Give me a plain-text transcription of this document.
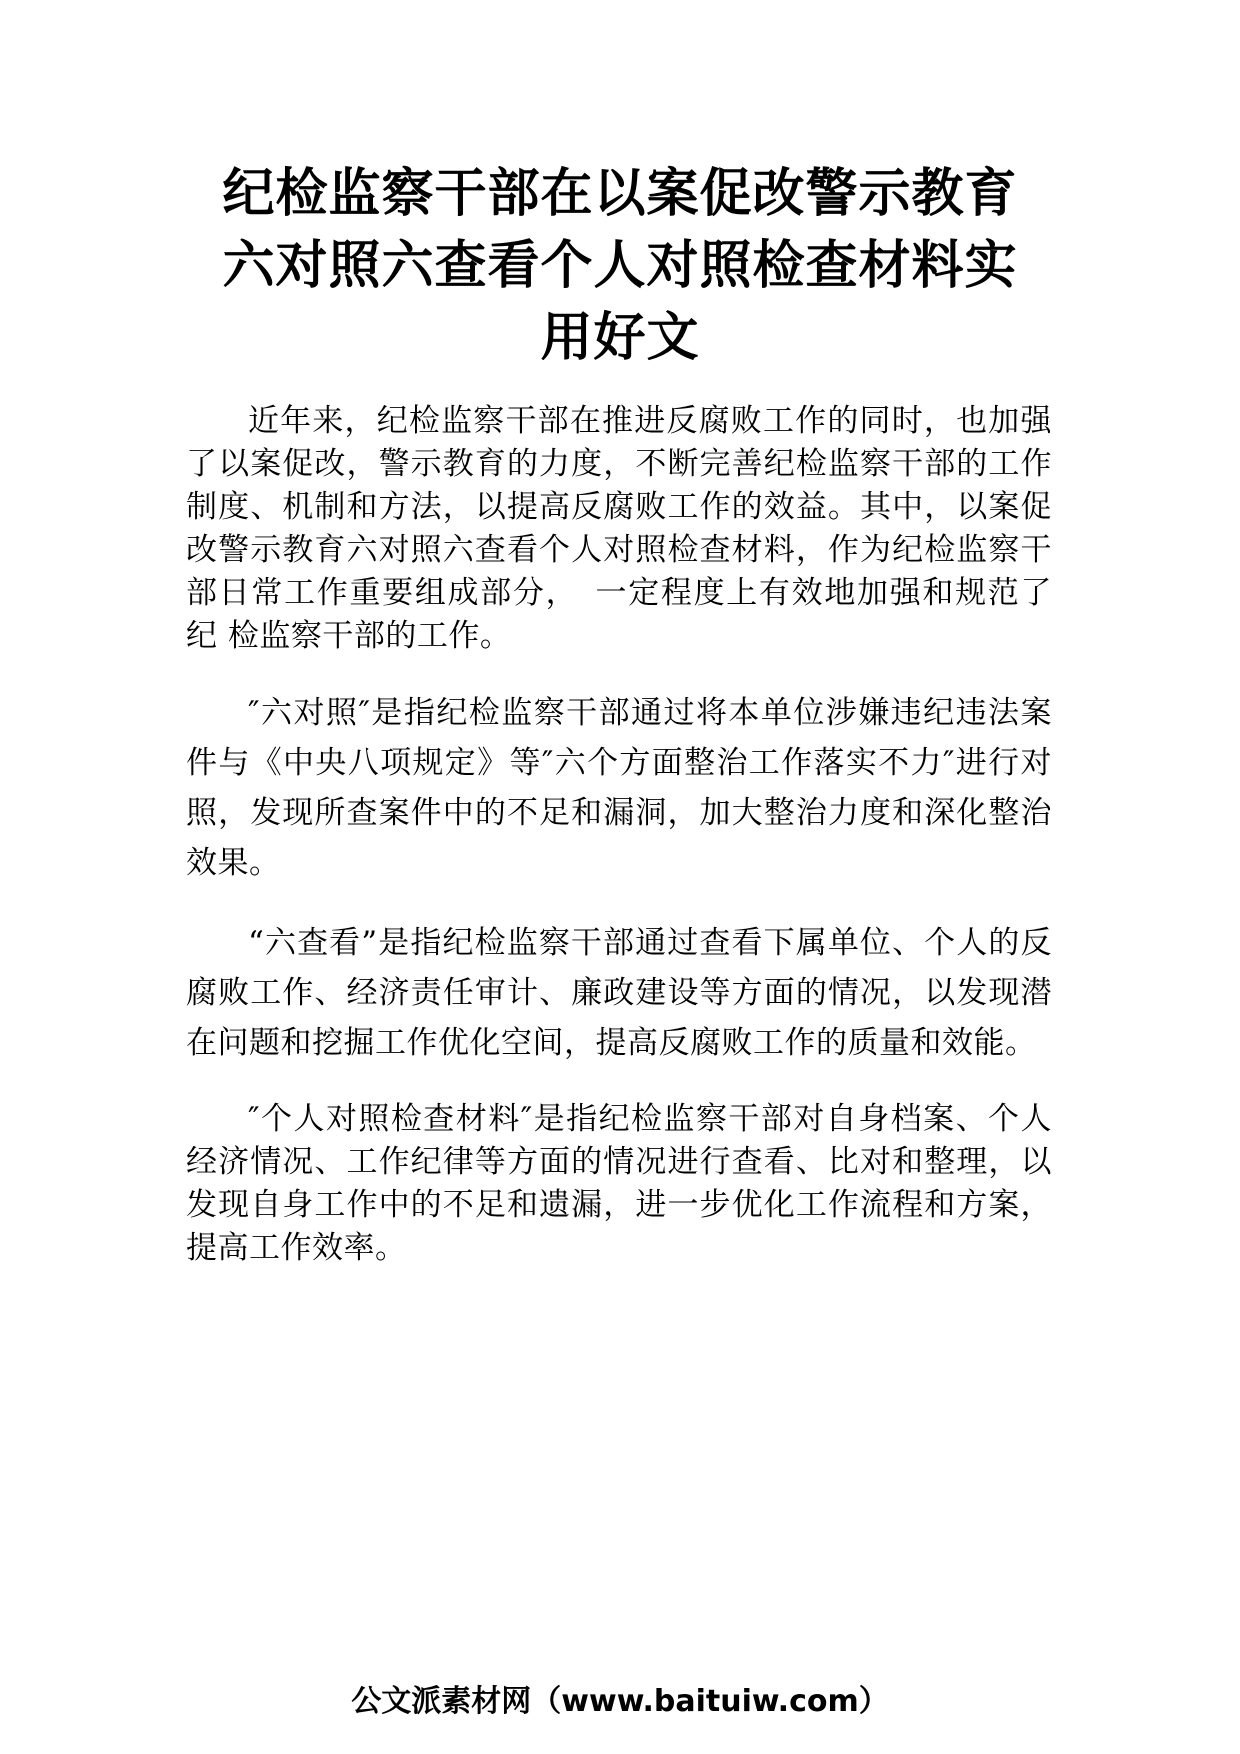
纪检监察干部在以案促改警示教育
六对照六查看个人对照检查材料实
用好文

近年来，纪检监察干部在推进反腐败工作的同时，也加强了以案促改，警示教育的力度，不断完善纪检监察干部的工作制度、机制和方法，以提高反腐败工作的效益。其中，以案促改警示教育六对照六查看个人对照检查材料，作为纪检监察干部日常工作重要组成部分，　一定程度上有效地加强和规范了纪 检监察干部的工作。

″六对照″是指纪检监察干部通过将本单位涉嫌违纪违法案件与《中央八项规定》等″六个方面整治工作落实不力″进行对照，发现所查案件中的不足和漏洞，加大整治力度和深化整治效果。

“六查看”是指纪检监察干部通过查看下属单位、个人的反腐败工作、经济责任审计、廉政建设等方面的情况，以发现潜在问题和挖掘工作优化空间，提高反腐败工作的质量和效能。

″个人对照检查材料″是指纪检监察干部对自身档案、个人经济情况、工作纪律等方面的情况进行查看、比对和整理，以发现自身工作中的不足和遗漏，进一步优化工作流程和方案，提高工作效率。

公文派素材网（www.baituiw.com）
